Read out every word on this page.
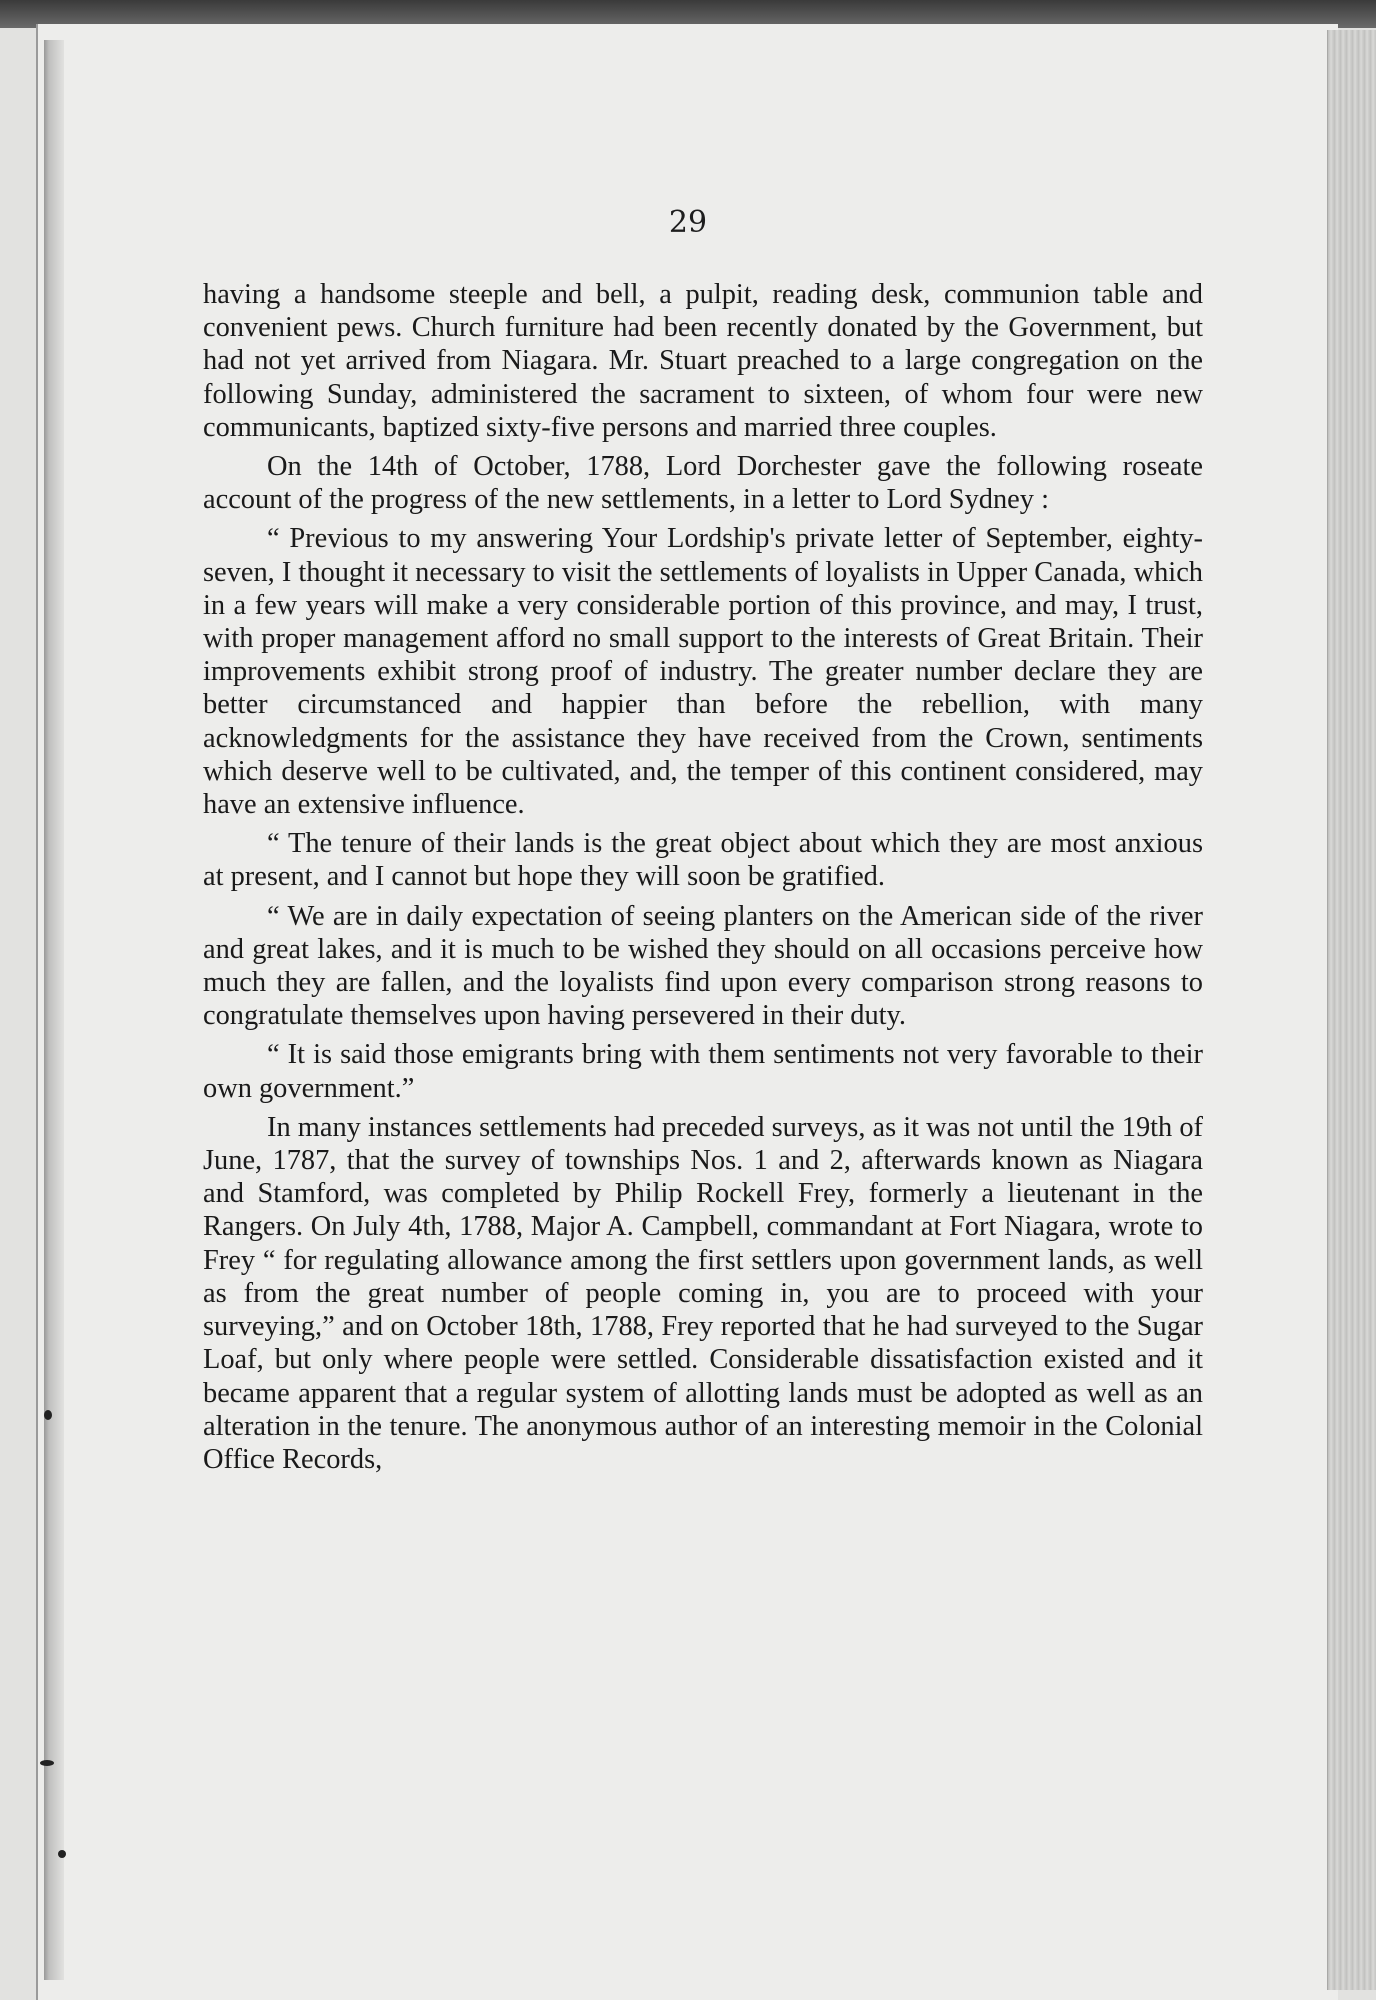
29

having a handsome steeple and bell, a pulpit, reading desk, communion table and convenient pews. Church furniture had been recently donated by the Government, but had not yet arrived from Niagara. Mr. Stuart preached to a large congregation on the following Sunday, administered the sacrament to sixteen, of whom four were new communicants, baptized sixty-five persons and married three couples.

On the 14th of October, 1788, Lord Dorchester gave the following roseate account of the progress of the new settlements, in a letter to Lord Sydney :

“ Previous to my answering Your Lordship's private letter of September, eighty-seven, I thought it necessary to visit the settlements of loyalists in Upper Canada, which in a few years will make a very considerable portion of this province, and may, I trust, with proper management afford no small support to the interests of Great Britain. Their improvements exhibit strong proof of industry. The greater number declare they are better circumstanced and happier than before the rebellion, with many acknowledgments for the assistance they have received from the Crown, sentiments which deserve well to be cultivated, and, the temper of this continent considered, may have an extensive influence.

“ The tenure of their lands is the great object about which they are most anxious at present, and I cannot but hope they will soon be gratified.

“ We are in daily expectation of seeing planters on the American side of the river and great lakes, and it is much to be wished they should on all occasions perceive how much they are fallen, and the loyalists find upon every comparison strong reasons to congratulate themselves upon having persevered in their duty.

“ It is said those emigrants bring with them sentiments not very favorable to their own government.”

In many instances settlements had preceded surveys, as it was not until the 19th of June, 1787, that the survey of townships Nos. 1 and 2, afterwards known as Niagara and Stamford, was completed by Philip Rockell Frey, formerly a lieutenant in the Rangers. On July 4th, 1788, Major A. Campbell, commandant at Fort Niagara, wrote to Frey “ for regulating allowance among the first settlers upon government lands, as well as from the great number of people coming in, you are to proceed with your surveying,” and on October 18th, 1788, Frey reported that he had surveyed to the Sugar Loaf, but only where people were settled. Considerable dissatisfaction existed and it became apparent that a regular system of allotting lands must be adopted as well as an alteration in the tenure. The anonymous author of an interesting memoir in the Colonial Office Records,
